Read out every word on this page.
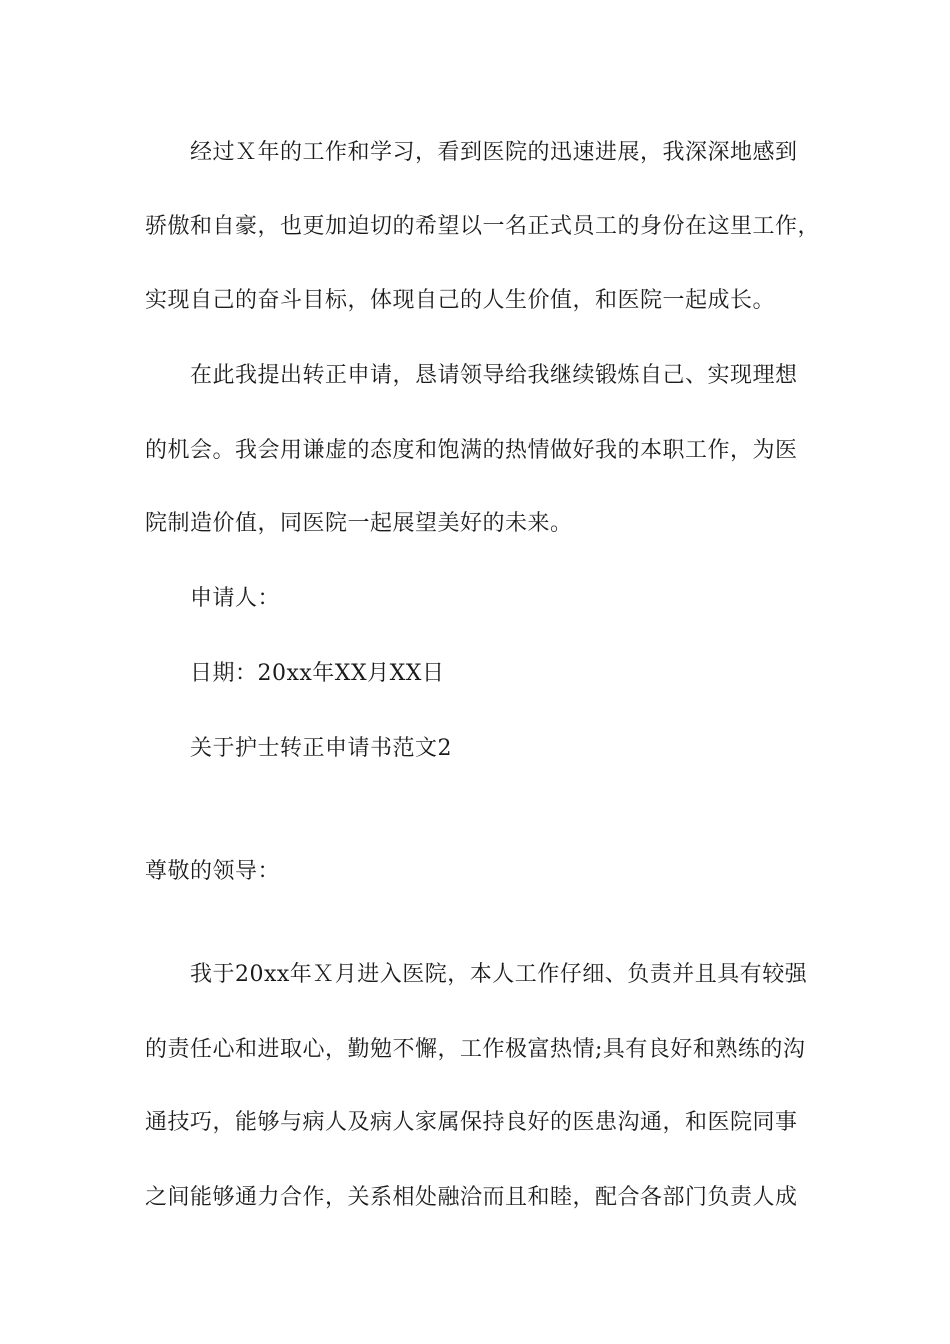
经过Ｘ年的工作和学习，看到医院的迅速进展，我深深地感到
骄傲和自豪，也更加迫切的希望以一名正式员工的身份在这里工作，
实现自己的奋斗目标，体现自己的人生价值，和医院一起成长。
在此我提出转正申请，恳请领导给我继续锻炼自己、实现理想
的机会。我会用谦虚的态度和饱满的热情做好我的本职工作，为医
院制造价值，同医院一起展望美好的未来。
申请人：
日期：20xx年XX月XX日
关于护士转正申请书范文2
尊敬的领导：
我于20xx年Ｘ月进入医院，本人工作仔细、负责并且具有较强
的责任心和进取心，勤勉不懈，工作极富热情;具有良好和熟练的沟
通技巧，能够与病人及病人家属保持良好的医患沟通，和医院同事
之间能够通力合作，关系相处融洽而且和睦，配合各部门负责人成
